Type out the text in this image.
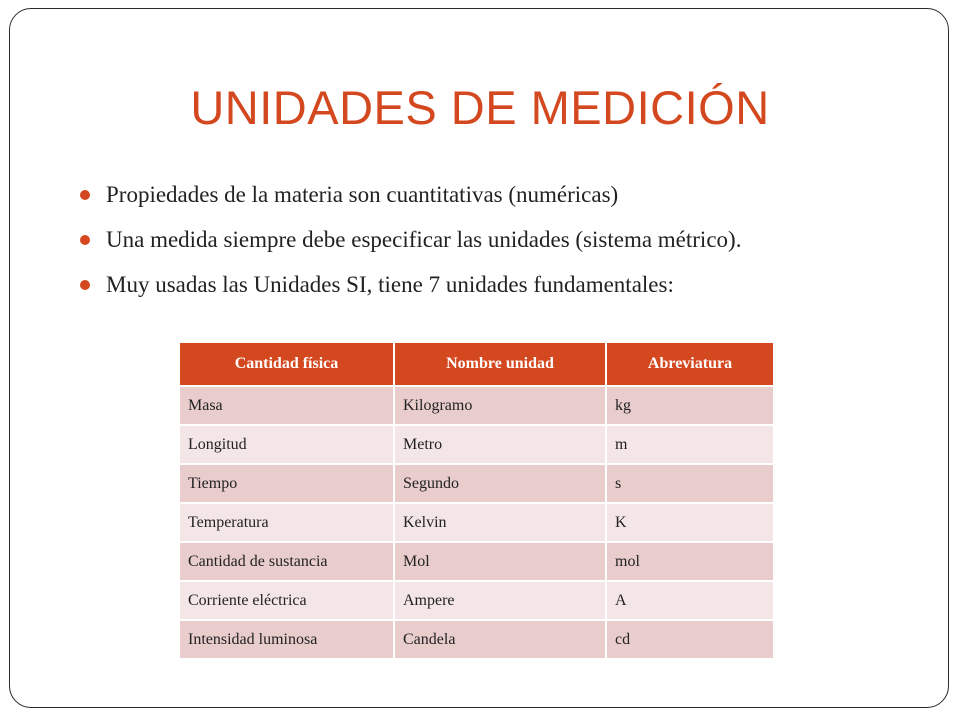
UNIDADES DE MEDICIÓN
Propiedades de la materia son cuantitativas (numéricas)
Una medida siempre debe especificar las unidades (sistema métrico).
Muy usadas las Unidades SI, tiene 7 unidades fundamentales:
Cantidad física	Nombre unidad	Abreviatura
Masa	Kilogramo	kg
Longitud	Metro	m
Tiempo	Segundo	s
Temperatura	Kelvin	K
Cantidad de sustancia	Mol	mol
Corriente eléctrica	Ampere	A
Intensidad luminosa	Candela	cd
